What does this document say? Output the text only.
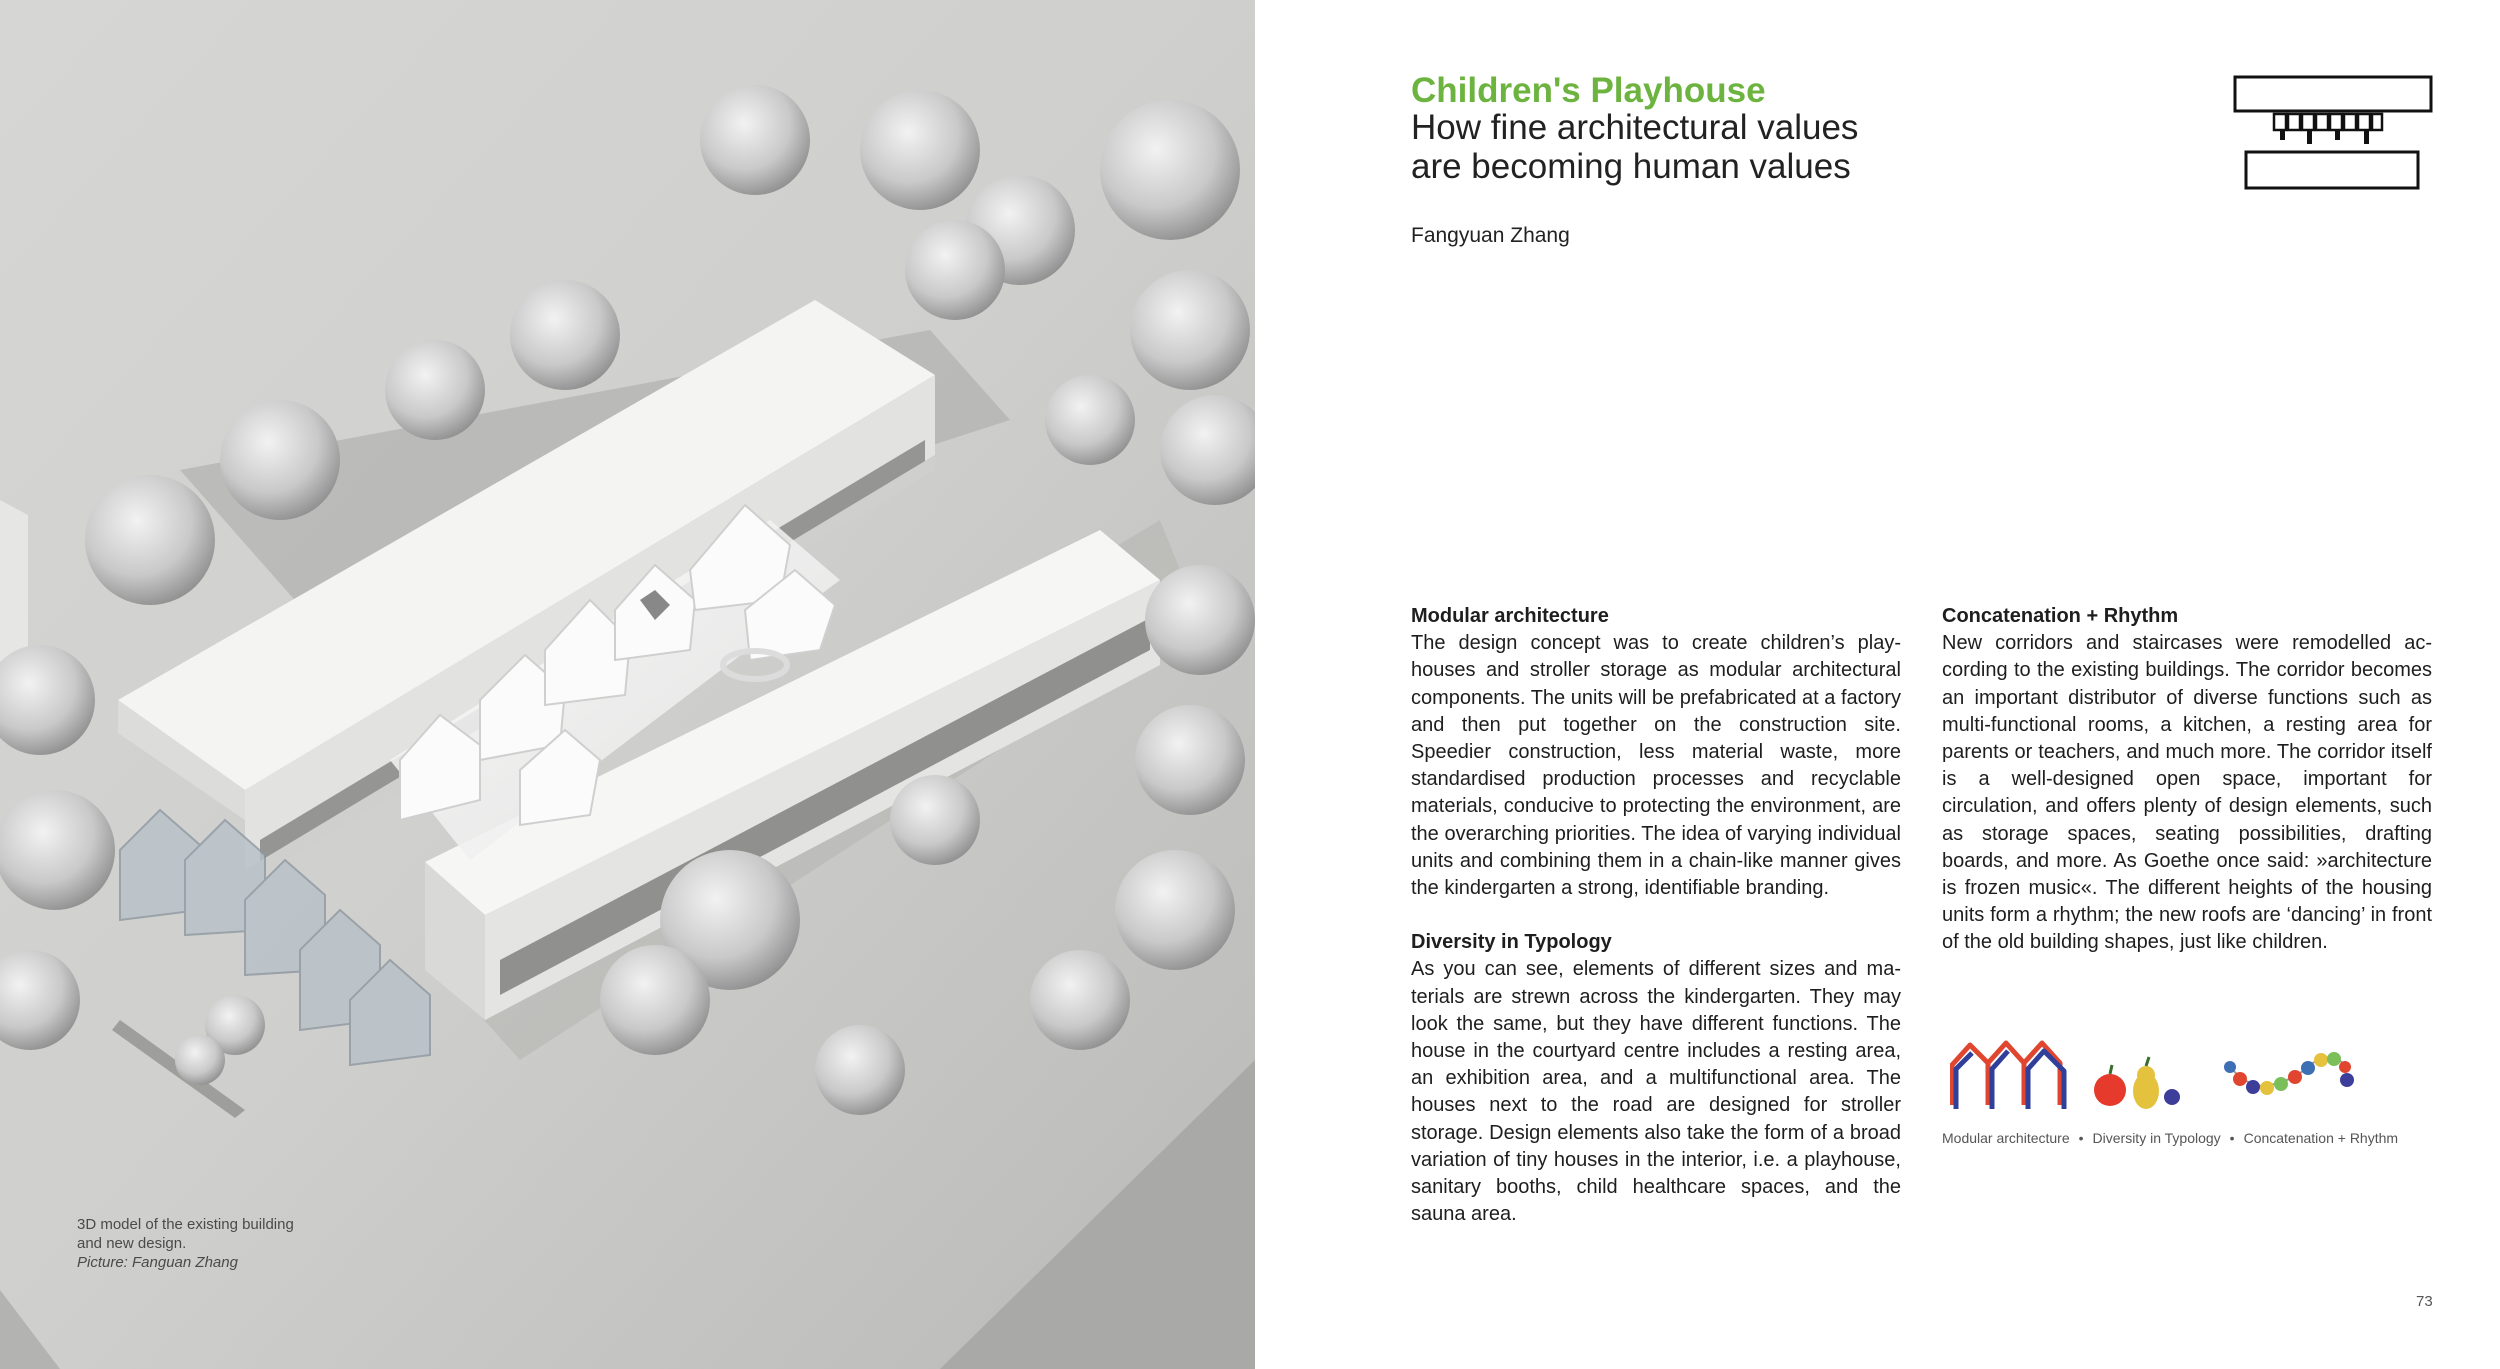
3D model of the existing building
and new design.
Picture: Fanguan Zhang
Children's Playhouse
How fine architectural values
are becoming human values
Fangyuan Zhang
Modular architecture

The design concept was to create children’s playhouses and stroller storage as modular architectural components. The units will be prefabricated at a factory and then put together on the construction site. Speedier construction, less material waste, more standardised production processes and recyclable materials, conducive to protecting the environment, are the overarching priorities. The idea of varying individual units and combining them in a chain-like manner gives the kindergarten a strong, identifiable branding.

Diversity in Typology

As you can see, elements of different sizes and materials are strewn across the kindergarten. They may look the same, but they have different functions. The house in the courtyard centre includes a resting area, an exhibition area, and a multifunctional area. The houses next to the road are designed for stroller storage. Design elements also take the form of a broad variation of tiny houses in the interior, i.e. a playhouse, sanitary booths, child healthcare spaces, and the sauna area.

Concatenation + Rhythm

New corridors and staircases were remodelled according to the existing buildings. The corridor becomes an important distributor of diverse functions such as multi-functional rooms, a kitchen, a resting area for parents or teachers, and much more. The corridor itself is a well-designed open space, important for circulation, and offers plenty of design elements, such as storage spaces, seating possibilities, drafting boards, and more. As Goethe once said: »architecture is frozen music«. The different heights of the housing units form a rhythm; the new roofs are ‘dancing’ in front of the old building shapes, just like children.

Modular architecture • Diversity in Typology • Concatenation + Rhythm
73
